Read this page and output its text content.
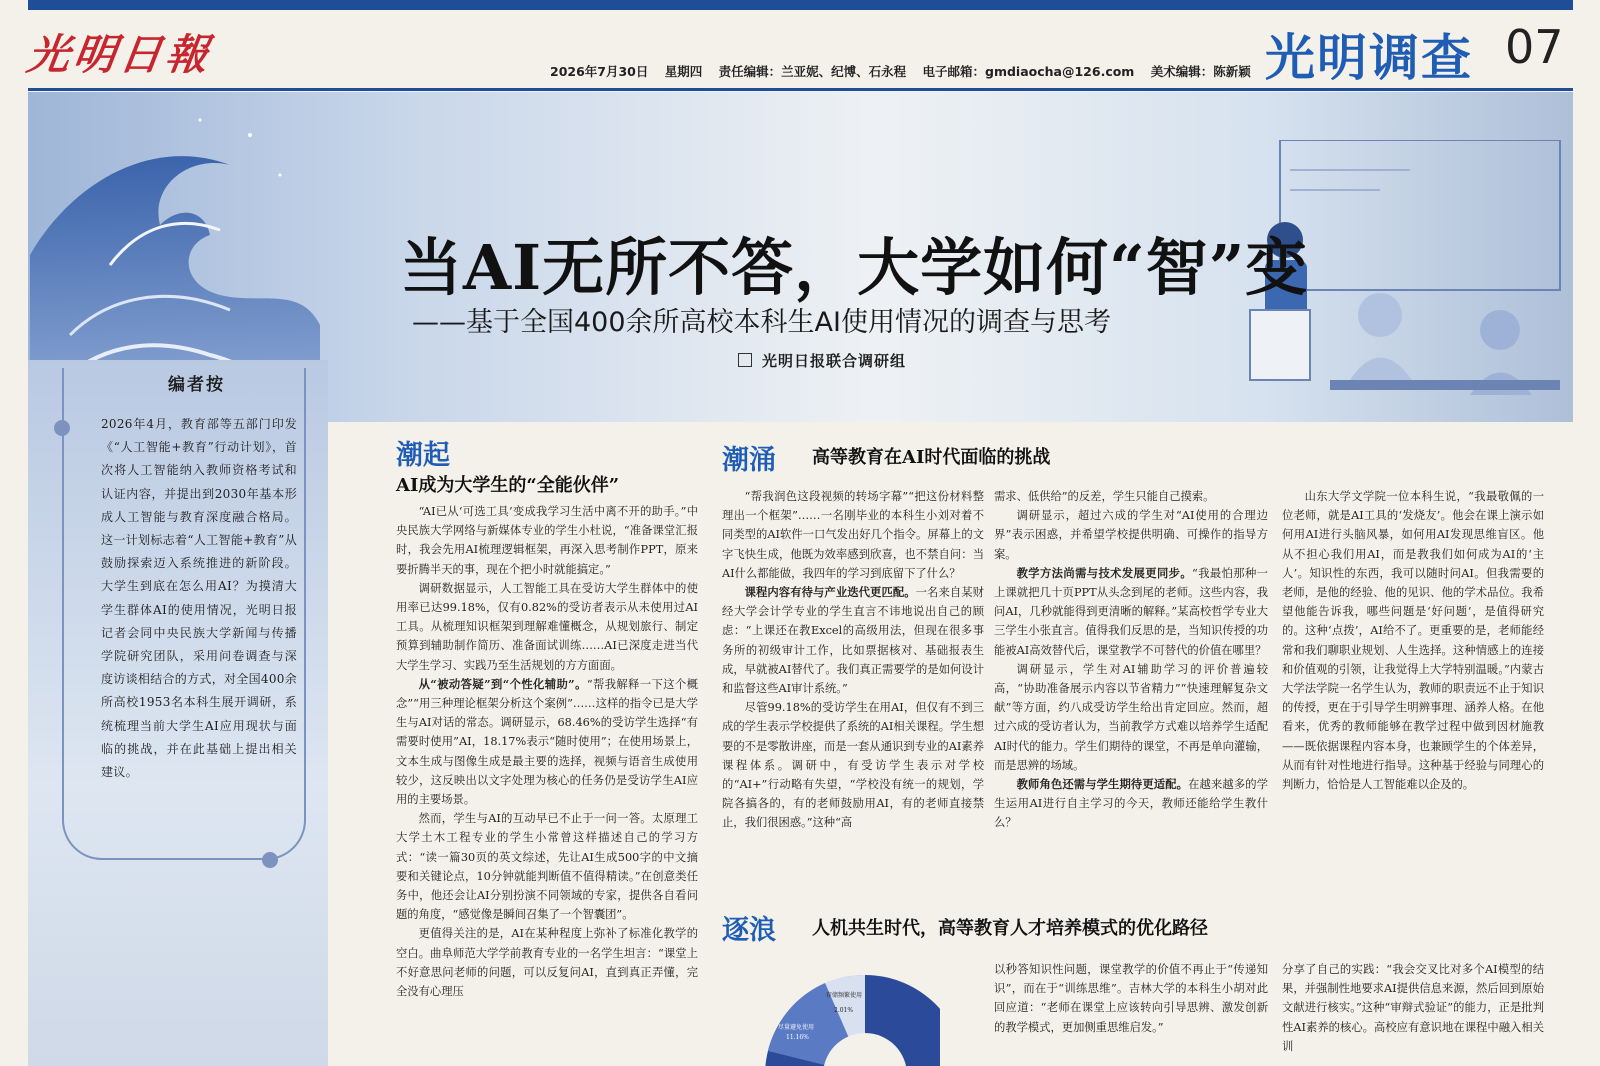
光明日報	2026年7月30日 星期四 责任编辑：兰亚妮、纪博、石永程 电子邮箱：gmdiaocha@126.com 美术编辑：陈新颖 光明调查 07
当AI无所不答，大学如何“智”变
——基于全国400余所高校本科生AI使用情况的调查与思考
光明日报联合调研组
编者按
2026年4月，教育部等五部门印发《“人工智能+教育”行动计划》，首次将人工智能纳入教师资格考试和认证内容，并提出到2030年基本形成人工智能与教育深度融合格局。这一计划标志着“人工智能+教育”从鼓励探索迈入系统推进的新阶段。大学生到底在怎么用AI？为摸清大学生群体AI的使用情况，光明日报记者会同中央民族大学新闻与传播学院研究团队，采用问卷调查与深度访谈相结合的方式，对全国400余所高校1953名本科生展开调研，系统梳理当前大学生AI应用现状与面临的挑战，并在此基础上提出相关建议。
潮起
AI成为大学生的“全能伙伴”

“AI已从‘可选工具’变成我学习生活中离不开的助手。”中央民族大学网络与新媒体专业的学生小杜说，“准备课堂汇报时，我会先用AI梳理逻辑框架，再深入思考制作PPT，原来要折腾半天的事，现在个把小时就能搞定。”

调研数据显示，人工智能工具在受访大学生群体中的使用率已达99.18%，仅有0.82%的受访者表示从未使用过AI工具。从梳理知识框架到理解难懂概念，从规划旅行、制定预算到辅助制作简历、准备面试训练……AI已深度走进当代大学生学习、实践乃至生活规划的方方面面。

从“被动答疑”到“个性化辅助”。“帮我解释一下这个概念”“用三种理论框架分析这个案例”……这样的指令已是大学生与AI对话的常态。调研显示，68.46%的受访学生选择“有需要时使用”AI，18.17%表示“随时使用”；在使用场景上，文本生成与图像生成是最主要的选择，视频与语音生成使用较少，这反映出以文字处理为核心的任务仍是受访学生AI应用的主要场景。

然而，学生与AI的互动早已不止于一问一答。太原理工大学土木工程专业的学生小常曾这样描述自己的学习方式：“读一篇30页的英文综述，先让AI生成500字的中文摘要和关键论点，10分钟就能判断值不值得精读。”在创意类任务中，他还会让AI分别扮演不同领域的专家，提供各自看问题的角度，“感觉像是瞬间召集了一个智囊团”。

更值得关注的是，AI在某种程度上弥补了标准化教学的空白。曲阜师范大学学前教育专业的一名学生坦言：“课堂上不好意思问老师的问题，可以反复问AI，直到真正弄懂，完全没有心理压

潮涌 高等教育在AI时代面临的挑战

“帮我润色这段视频的转场字幕”“把这份材料整理出一个框架”……一名刚毕业的本科生小刘对着不同类型的AI软件一口气发出好几个指令。屏幕上的文字飞快生成，他既为效率感到欣喜，也不禁自问：当AI什么都能做，我四年的学习到底留下了什么？

课程内容有待与产业迭代更匹配。一名来自某财经大学会计学专业的学生直言不讳地说出自己的顾虑：“上课还在教Excel的高级用法，但现在很多事务所的初级审计工作，比如票据核对、基础报表生成，早就被AI替代了。我们真正需要学的是如何设计和监督这些AI审计系统。”

尽管99.18%的受访学生在用AI，但仅有不到三成的学生表示学校提供了系统的AI相关课程。学生想要的不是零散讲座，而是一套从通识到专业的AI素养课程体系。调研中，有受访学生表示对学校的“AI+”行动略有失望，“学校没有统一的规划，学院各搞各的，有的老师鼓励用AI，有的老师直接禁止，我们很困惑。”这种“高

需求、低供给”的反差，学生只能自己摸索。

调研显示，超过六成的学生对“AI使用的合理边界”表示困惑，并希望学校提供明确、可操作的指导方案。

教学方法尚需与技术发展更同步。“我最怕那种一上课就把几十页PPT从头念到尾的老师。这些内容，我问AI，几秒就能得到更清晰的解释。”某高校哲学专业大三学生小张直言。值得我们反思的是，当知识传授的功能被AI高效替代后，课堂教学不可替代的价值在哪里？

调研显示，学生对AI辅助学习的评价普遍较高，“协助准备展示内容以节省精力”“快速理解复杂文献”等方面，约八成受访学生给出肯定回应。然而，超过六成的受访者认为，当前教学方式难以培养学生适配AI时代的能力。学生们期待的课堂，不再是单向灌输，而是思辨的场域。

教师角色还需与学生期待更适配。在越来越多的学生运用AI进行自主学习的今天，教师还能给学生教什么？

山东大学文学院一位本科生说，“我最敬佩的一位老师，就是AI工具的‘发烧友’。他会在课上演示如何用AI进行头脑风暴，如何用AI发现思维盲区。他从不担心我们用AI，而是教我们如何成为AI的‘主人’。知识性的东西，我可以随时问AI。但我需要的老师，是他的经验、他的见识、他的学术品位。我希望他能告诉我，哪些问题是‘好问题’，是值得研究的。这种‘点拨’，AI给不了。更重要的是，老师能经常和我们聊职业规划、人生选择。这种情感上的连接和价值观的引领，让我觉得上大学特别温暖。”内蒙古大学法学院一名学生认为，教师的职责远不止于知识的传授，更在于引导学生明辨事理、涵养人格。在他看来，优秀的教师能够在教学过程中做到因材施教——既依据课程内容本身，也兼顾学生的个体差异，从而有针对性地进行指导。这种基于经验与同理心的判断力，恰恰是人工智能难以企及的。

逐浪 人机共生时代，高等教育人才培养模式的优化路径
存储频繁使用
2.01%
尽量避免使用
11.16%

以秒答知识性问题，课堂教学的价值不再止于“传递知识”，而在于“训练思维”。吉林大学的本科生小胡对此回应道：“老师在课堂上应该转向引导思辨、激发创新的教学模式，更加侧重思维启发。”

分享了自己的实践：“我会交叉比对多个AI模型的结果，并强制性地要求AI提供信息来源，然后回到原始文献进行核实。”这种“审辩式验证”的能力，正是批判性AI素养的核心。高校应有意识地在课程中融入相关训
